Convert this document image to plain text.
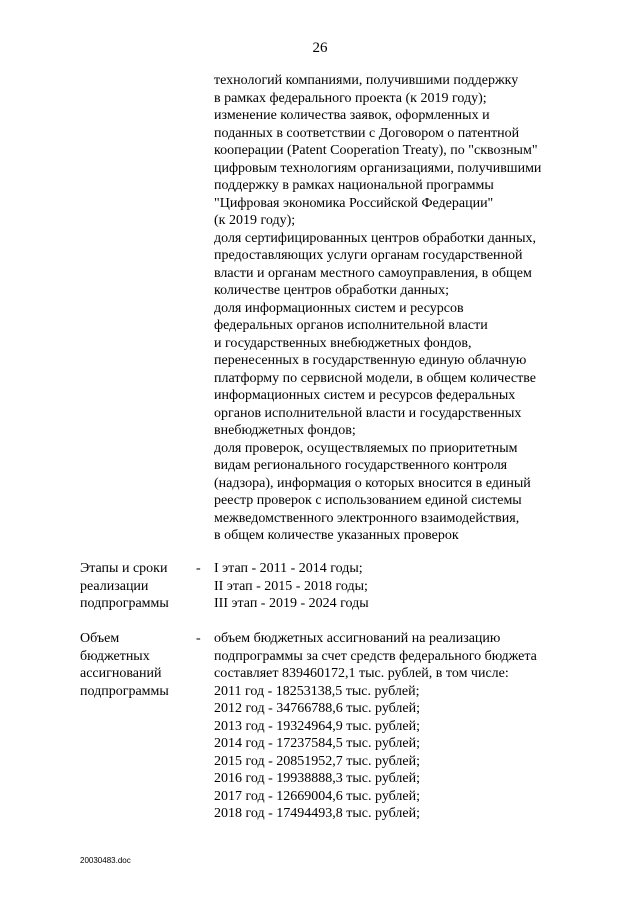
26
технологий компаниями, получившими поддержку
в рамках федерального проекта (к 2019 году);
изменение количества заявок, оформленных и
поданных в соответствии с Договором о патентной
кооперации (Patent Cooperation Treaty), по "сквозным"
цифровым технологиям организациями, получившими
поддержку в рамках национальной программы
"Цифровая экономика Российской Федерации"
(к 2019 году);
доля сертифицированных центров обработки данных,
предоставляющих услуги органам государственной
власти и органам местного самоуправления, в общем
количестве центров обработки данных;
доля информационных систем и ресурсов
федеральных органов исполнительной власти
и государственных внебюджетных фондов,
перенесенных в государственную единую облачную
платформу по сервисной модели, в общем количестве
информационных систем и ресурсов федеральных
органов исполнительной власти и государственных
внебюджетных фондов;
доля проверок, осуществляемых по приоритетным
видам регионального государственного контроля
(надзора), информация о которых вносится в единый
реестр проверок с использованием единой системы
межведомственного электронного взаимодействия,
в общем количестве указанных проверок
Этапы и сроки
реализации
подпрограммы
- I этап - 2011 - 2014 годы;
II этап - 2015 - 2018 годы;
III этап - 2019 - 2024 годы
Объем
бюджетных
ассигнований
подпрограммы
- объем бюджетных ассигнований на реализацию
подпрограммы за счет средств федерального бюджета
составляет 839460172,1 тыс. рублей, в том числе:
2011 год - 18253138,5 тыс. рублей;
2012 год - 34766788,6 тыс. рублей;
2013 год - 19324964,9 тыс. рублей;
2014 год - 17237584,5 тыс. рублей;
2015 год - 20851952,7 тыс. рублей;
2016 год - 19938888,3 тыс. рублей;
2017 год - 12669004,6 тыс. рублей;
2018 год - 17494493,8 тыс. рублей;
20030483.doc
